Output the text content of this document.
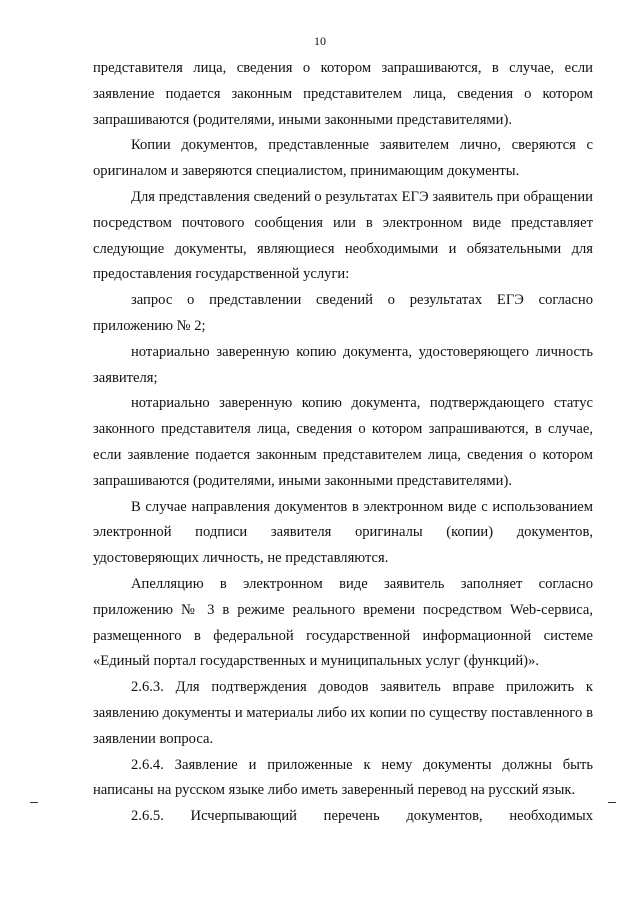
10

представителя лица, сведения о котором запрашиваются, в случае, если заявление подается законным представителем лица, сведения о котором запрашиваются (родителями, иными законными представителями).

Копии документов, представленные заявителем лично, сверяются с оригиналом и заверяются специалистом, принимающим документы.

Для представления сведений о результатах ЕГЭ заявитель при обращении посредством почтового сообщения или в электронном виде представляет следующие документы, являющиеся необходимыми и обязательными для предоставления государственной услуги:

запрос о представлении сведений о результатах ЕГЭ согласно приложению № 2;

нотариально заверенную копию документа, удостоверяющего личность заявителя;

нотариально заверенную копию документа, подтверждающего статус законного представителя лица, сведения о котором запрашиваются, в случае, если заявление подается законным представителем лица, сведения о котором запрашиваются (родителями, иными законными представителями).

В случае направления документов в электронном виде с использованием электронной подписи заявителя оригиналы (копии) документов, удостоверяющих личность, не представляются.

Апелляцию в электронном виде заявитель заполняет согласно приложению № 3 в режиме реального времени посредством Web-сервиса, размещенного в федеральной государственной информационной системе «Единый портал государственных и муниципальных услуг (функций)».

2.6.3. Для подтверждения доводов заявитель вправе приложить к заявлению документы и материалы либо их копии по существу поставленного в заявлении вопроса.

2.6.4. Заявление и приложенные к нему документы должны быть написаны на русском языке либо иметь заверенный перевод на русский язык.

2.6.5. Исчерпывающий перечень документов, необходимых
